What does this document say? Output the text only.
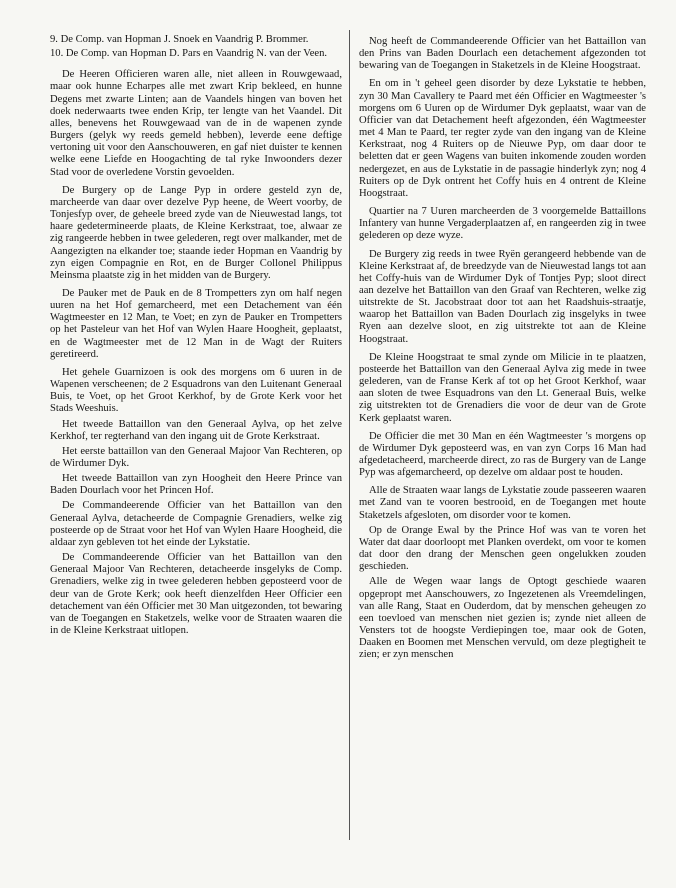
9. De Comp. van Hopman J. Snoek en Vaandrig P. Brommer.

10. De Comp. van Hopman D. Pars en Vaandrig N. van der Veen.

De Heeren Officieren waren alle, niet alleen in Rouwgewaad, maar ook hunne Echarpes alle met zwart Krip bekleed, en hunne Degens met zwarte Linten; aan de Vaandels hingen van boven het doek nederwaarts twee enden Krip, ter lengte van het Vaandel. Dit alles, benevens het Rouwgewaad van de in de wapenen zynde Burgers (gelyk wy reeds gemeld hebben), leverde eene deftige vertoning uit voor den Aanschouweren, en gaf niet duister te kennen welke eene Liefde en Hoogachting de tal ryke Inwoonders dezer Stad voor de overledene Vorstin gevoelden.

De Burgery op de Lange Pyp in ordere gesteld zyn de, marcheerde van daar over dezelve Pyp heene, de Weert voorby, de Tonjesfyp over, de geheele breed zyde van de Nieuwestad langs, tot haare gedetermineerde plaats, de Kleine Kerkstraat, toe, alwaar ze zig rangeerde hebben in twee gelederen, regt over malkander, met de Aangezigten na elkander toe; staande ieder Hopman en Vaandrig by zyn eigen Compagnie en Rot, en de Burger Collonel Philippus Meinsma plaatste zig in het midden van de Burgery.

De Pauker met de Pauk en de 8 Trompetters zyn om half negen uuren na het Hof gemarcheerd, met een Detachement van één Wagtmeester en 12 Man, te Voet; en zyn de Pauker en Trompetters op het Pasteleur van het Hof van Wylen Haare Hoogheit, geplaatst, en de Wagtmeester met de 12 Man in de Wagt der Ruiters geretireerd.

Het gehele Guarnizoen is ook des morgens om 6 uuren in de Wapenen verscheenen; de 2 Esquadrons van den Luitenant Generaal Buis, te Voet, op het Groot Kerkhof, by de Grote Kerk voor het Stads Weeshuis.

Het tweede Battaillon van den Generaal Aylva, op het zelve Kerkhof, ter regterhand van den ingang uit de Grote Kerkstraat.

Het eerste battaillon van den Generaal Majoor Van Rechteren, op de Wirdumer Dyk.

Het tweede Battaillon van zyn Hoogheit den Heere Prince van Baden Dourlach voor het Princen Hof.

De Commandeerende Officier van het Battaillon van den Generaal Aylva, detacheerde de Compagnie Grenadiers, welke zig posteerde op de Straat voor het Hof van Wylen Haare Hoogheid, die aldaar zyn gebleven tot het einde der Lykstatie.

De Commandeerende Officier van het Battaillon van den Generaal Majoor Van Rechteren, detacheerde insgelyks de Comp. Grenadiers, welke zig in twee gelederen hebben geposteerd voor de deur van de Grote Kerk; ook heeft dienzelfden Heer Officier een detachement van één Officier met 30 Man uitgezonden, tot bewaring van de Toegangen en Staketzels, welke voor de Straaten waaren die in de Kleine Kerkstraat uitlopen.

Nog heeft de Commandeerende Officier van het Battaillon van den Prins van Baden Dourlach een detachement afgezonden tot bewaring van de Toegangen in Staketzels in de Kleine Hoogstraat.

En om in 't geheel geen disorder by deze Lykstatie te hebben, zyn 30 Man Cavallery te Paard met één Officier en Wagtmeester 's morgens om 6 Uuren op de Wirdumer Dyk geplaatst, waar van de Officier van dat Detachement heeft afgezonden, één Wagtmeester met 4 Man te Paard, ter regter zyde van den ingang van de Kleine Kerkstraat, nog 4 Ruiters op de Nieuwe Pyp, om daar door te beletten dat er geen Wagens van buiten inkomende zouden worden nedergezet, en aus de Lykstatie in de passagie hinderlyk zyn; nog 4 Ruiters op de Dyk ontrent het Coffy huis en 4 ontrent de Kleine Hoogstraat.

Quartier na 7 Uuren marcheerden de 3 voorgemelde Battaillons Infantery van hunne Vergaderplaatzen af, en rangeerden zig in twee gelederen op deze wyze.

De Burgery zig reeds in twee Ryën gerangeerd hebbende van de Kleine Kerkstraat af, de breedzyde van de Nieuwestad langs tot aan het Coffy-huis van de Wirdumer Dyk of Tontjes Pyp; sloot direct aan dezelve het Battaillon van den Graaf van Rechteren, welke zig uitstrekte de St. Jacobstraat door tot aan het Raadshuis-straatje, waarop het Battaillon van Baden Dourlach zig insgelyks in twee Ryen aan dezelve sloot, en zig uitstrekte tot aan de Kleine Hoogstraat.

De Kleine Hoogstraat te smal zynde om Milicie in te plaatzen, posteerde het Battaillon van den Generaal Aylva zig mede in twee gelederen, van de Franse Kerk af tot op het Groot Kerkhof, waar aan sloten de twee Esquadrons van den Lt. Generaal Buis, welke zig uitstrekten tot de Grenadiers die voor de deur van de Grote Kerk geplaatst waren.

De Officier die met 30 Man en één Wagtmeester 's morgens op de Wirdumer Dyk geposteerd was, en van zyn Corps 16 Man had afgedetacheerd, marcheerde direct, zo ras de Burgery van de Lange Pyp was afgemarcheerd, op dezelve om aldaar post te houden.

Alle de Straaten waar langs de Lykstatie zoude passeeren waaren met Zand van te vooren bestrooid, en de Toegangen met houte Staketzels afgesloten, om disorder voor te komen.

Op de Orange Ewal by the Prince Hof was van te voren het Water dat daar doorloopt met Planken overdekt, om voor te komen dat door den drang der Menschen geen ongelukken zouden geschieden.

Alle de Wegen waar langs de Optogt geschiede waaren opgepropt met Aanschouwers, zo Ingezetenen als Vreemdelingen, van alle Rang, Staat en Ouderdom, dat by menschen geheugen zo een toevloed van menschen niet gezien is; zynde niet alleen de Vensters tot de hoogste Verdiepingen toe, maar ook de Goten, Daaken en Boomen met Menschen vervuld, om deze plegtigheit te zien; er zyn menschen
